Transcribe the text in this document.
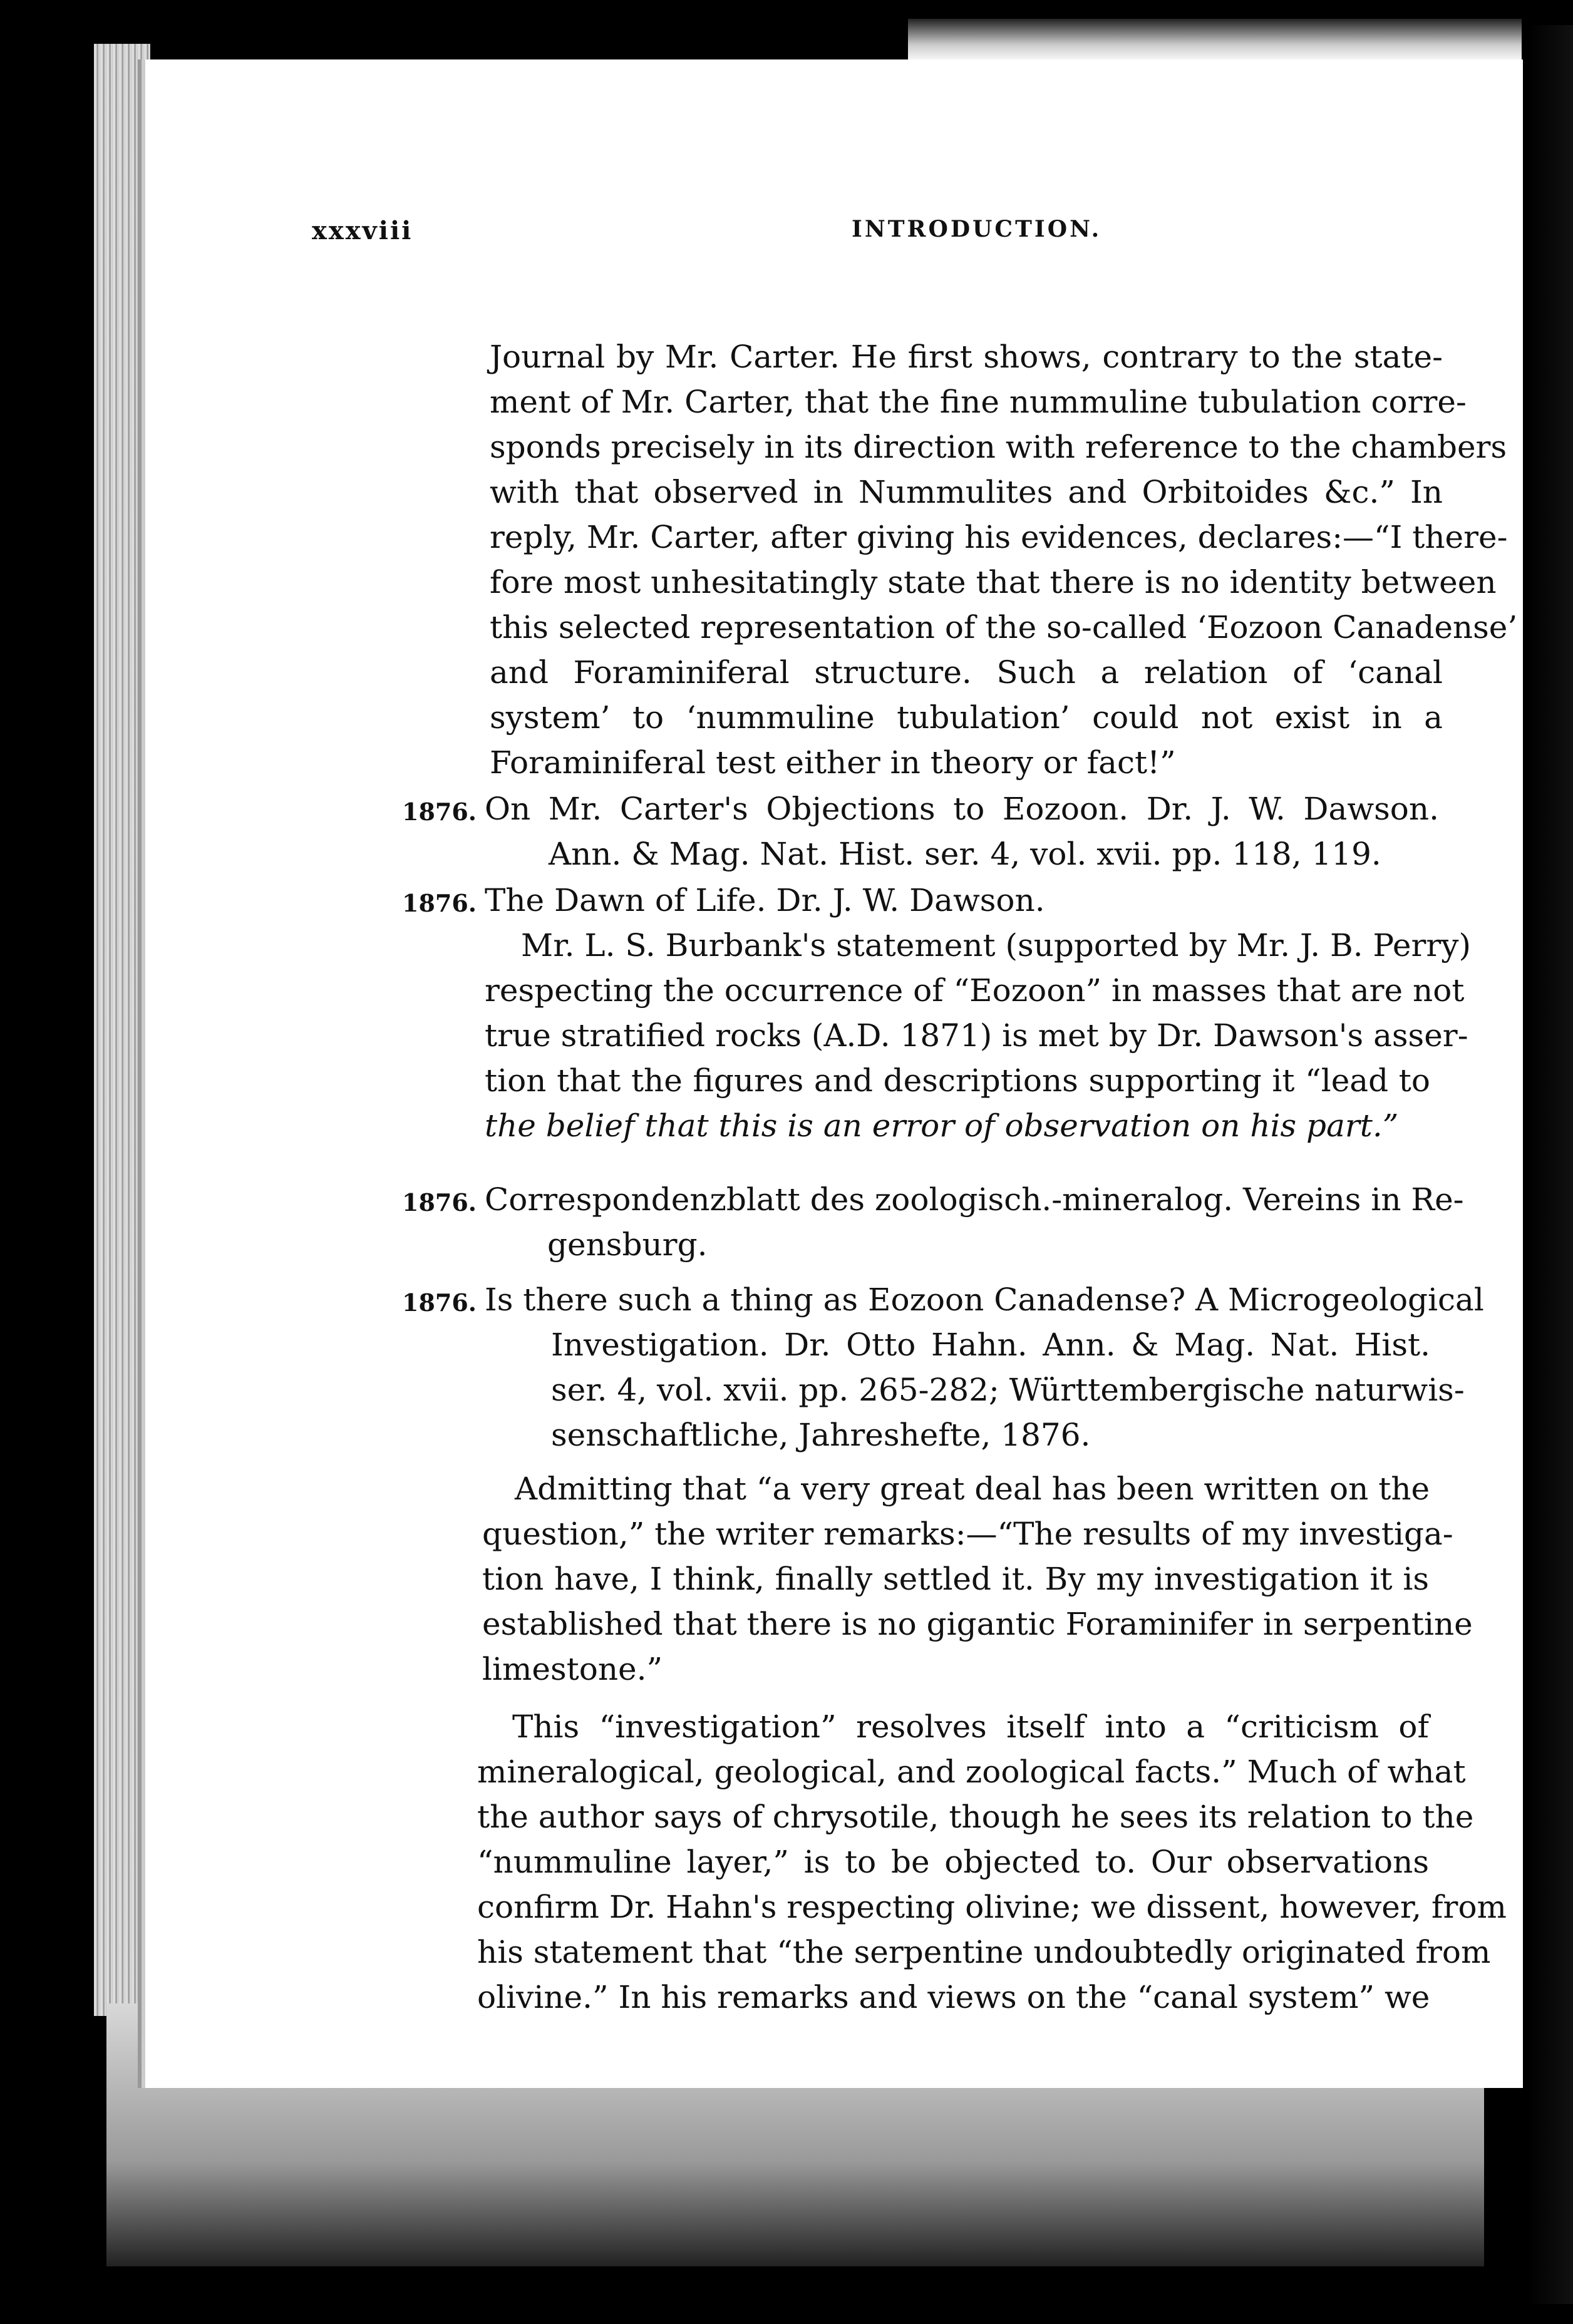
xxxviii	INTRODUCTION.
Journal by Mr. Carter. He first shows, contrary to the state-
ment of Mr. Carter, that the fine nummuline tubulation corre-
sponds precisely in its direction with reference to the chambers
with that observed in Nummulites and Orbitoides &c.” In
reply, Mr. Carter, after giving his evidences, declares:—“I there-
fore most unhesitatingly state that there is no identity between
this selected representation of the so-called ‘Eozoon Canadense’
and Foraminiferal structure. Such a relation of ‘canal
system’ to ‘nummuline tubulation’ could not exist in a
Foraminiferal test either in theory or fact!”
1876. On Mr. Carter's Objections to Eozoon. Dr. J. W. Dawson.
Ann. & Mag. Nat. Hist. ser. 4, vol. xvii. pp. 118, 119.
1876. The Dawn of Life. Dr. J. W. Dawson.
Mr. L. S. Burbank's statement (supported by Mr. J. B. Perry)
respecting the occurrence of “Eozoon” in masses that are not
true stratified rocks (A.D. 1871) is met by Dr. Dawson's asser-
tion that the figures and descriptions supporting it “lead to
the belief that this is an error of observation on his part.”
1876. Correspondenzblatt des zoologisch.-mineralog. Vereins in Re-
gensburg.
1876. Is there such a thing as Eozoon Canadense? A Microgeological
Investigation. Dr. Otto Hahn. Ann. & Mag. Nat. Hist.
ser. 4, vol. xvii. pp. 265-282; Württembergische naturwis-
senschaftliche, Jahreshefte, 1876.
Admitting that “a very great deal has been written on the
question,” the writer remarks:—“The results of my investiga-
tion have, I think, finally settled it. By my investigation it is
established that there is no gigantic Foraminifer in serpentine
limestone.”
This “investigation” resolves itself into a “criticism of
mineralogical, geological, and zoological facts.” Much of what
the author says of chrysotile, though he sees its relation to the
“nummuline layer,” is to be objected to. Our observations
confirm Dr. Hahn's respecting olivine; we dissent, however, from
his statement that “the serpentine undoubtedly originated from
olivine.” In his remarks and views on the “canal system” we
